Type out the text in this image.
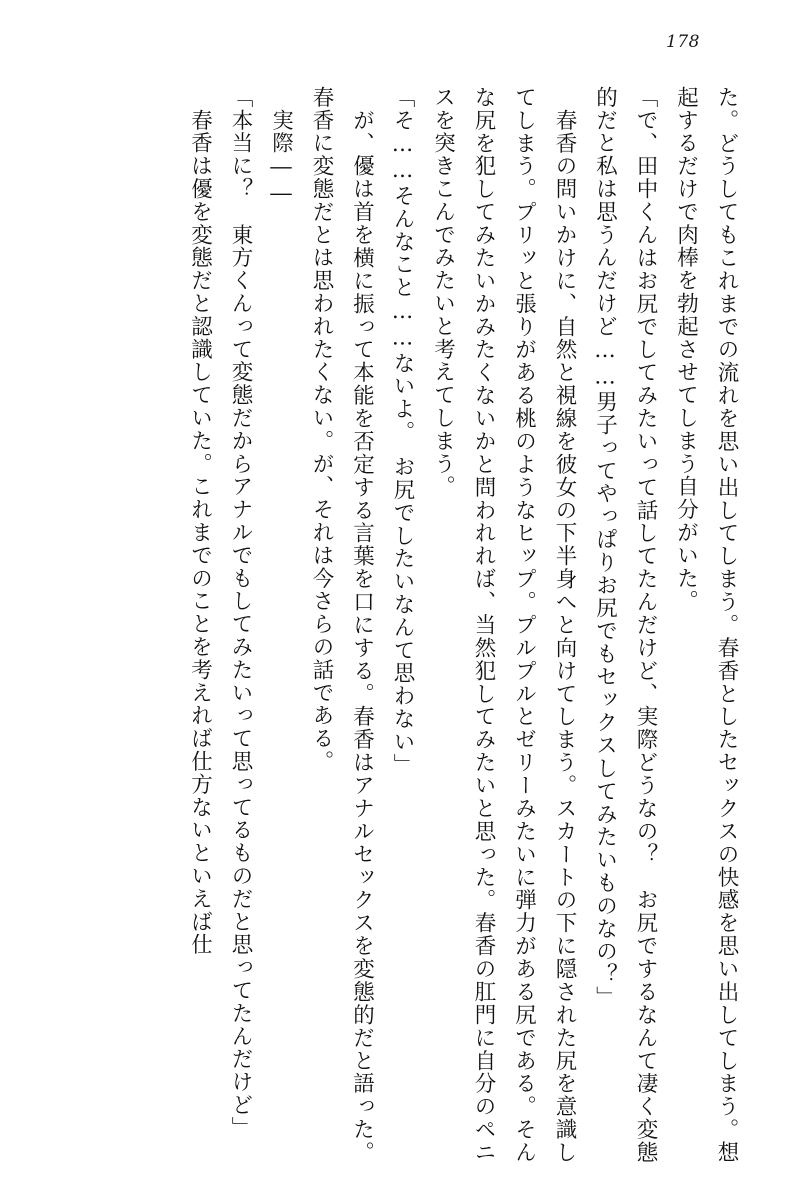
178

た。どうしてもこれまでの流れを思い出してしまう。春香としたセックスの快感を思い出してしまう。想起するだけで肉棒を勃起させてしまう自分がいた。

「で、田中くんはお尻でしてみたいって話してたんだけど、実際どうなの？　お尻でするなんて凄く変態的だと私は思うんだけど……男子ってやっぱりお尻でもセックスしてみたいものなの？」

　春香の問いかけに、自然と視線を彼女の下半身へと向けてしまう。スカートの下に隠された尻を意識してしまう。プリッと張りがある桃のようなヒップ。プルプルとゼリーみたいに弾力がある尻である。そんな尻を犯してみたいかみたくないかと問われれば、当然犯してみたいと思った。春香の肛門に自分のペニスを突きこんでみたいと考えてしまう。

「そ……そんなこと……ないよ。　お尻でしたいなんて思わない」

　が、優は首を横に振って本能を否定する言葉を口にする。春香はアナルセックスを変態的だと語った。春香に変態だとは思われたくない。が、それは今さらの話である。

　実際――

「本当に？　東方くんって変態だからアナルでもしてみたいって思ってるものだと思ってたんだけど」

　春香は優を変態だと認識していた。これまでのことを考えれば仕方ないといえば仕
